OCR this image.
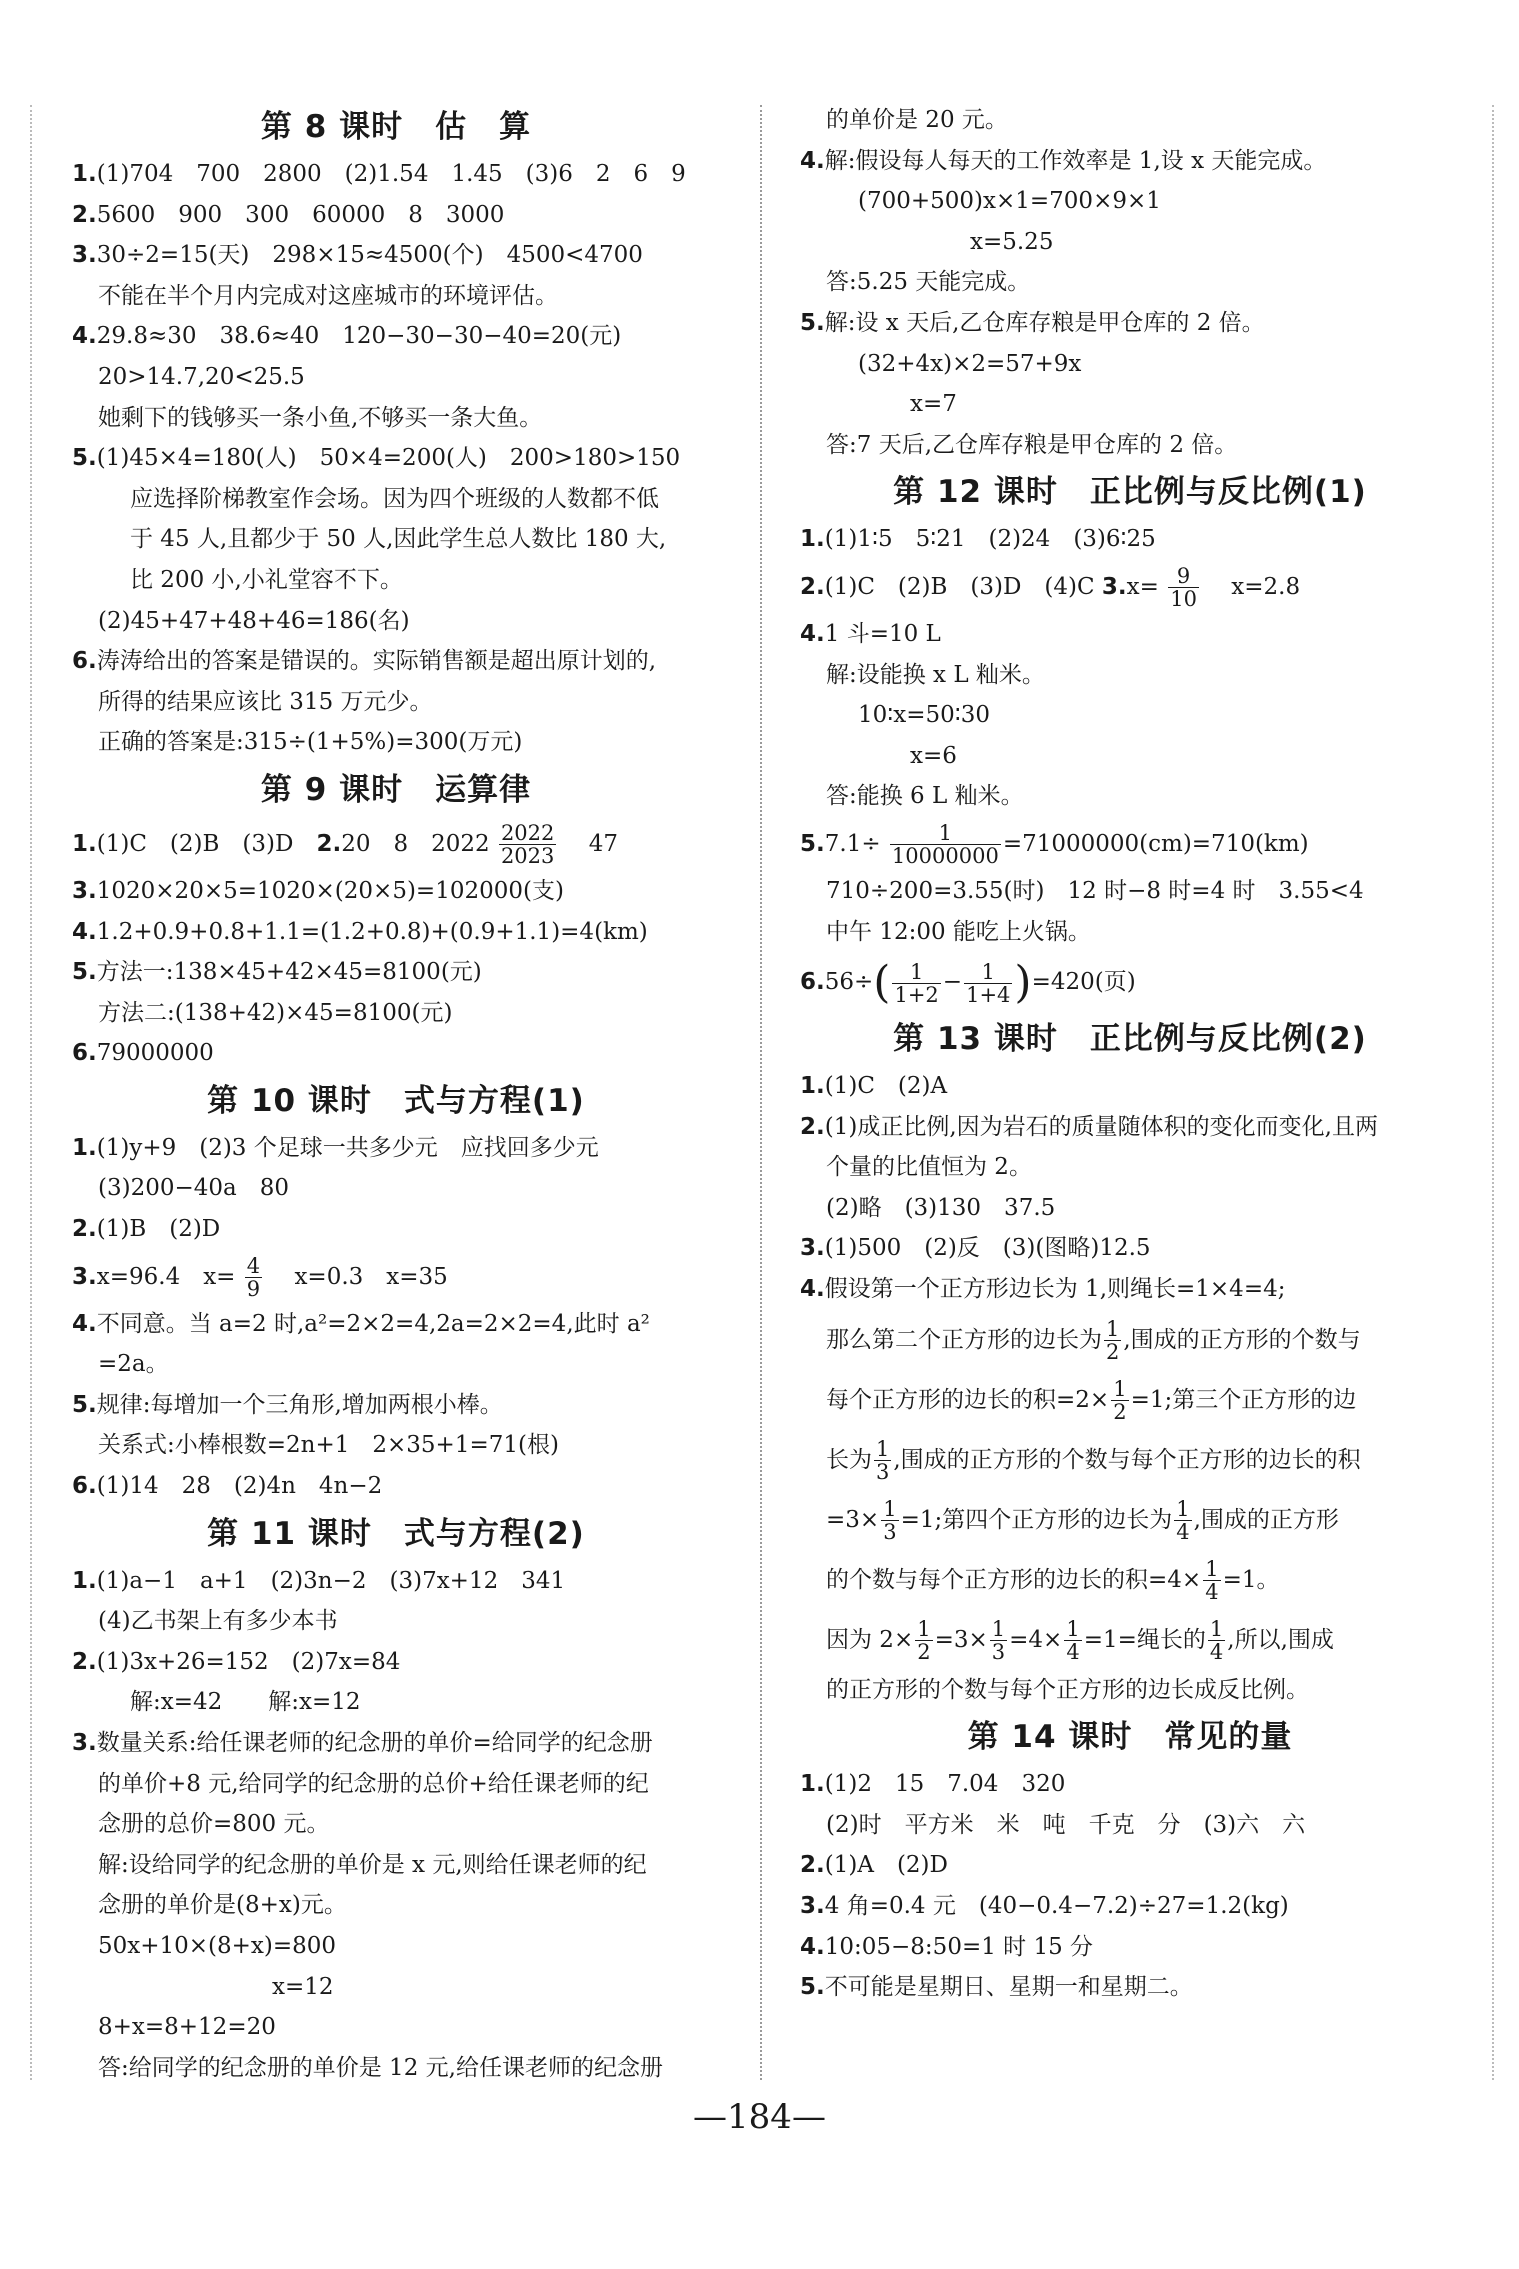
第 8 课时　估　算
1.(1)704　700　2800　(2)1.54　1.45　(3)6　2　6　9
2.5600　900　300　60000　8　3000
3.30÷2=15(天)　298×15≈4500(个)　4500<4700
不能在半个月内完成对这座城市的环境评估。
4.29.8≈30　38.6≈40　120−30−30−40=20(元)
20>14.7,20<25.5
她剩下的钱够买一条小鱼,不够买一条大鱼。
5.(1)45×4=180(人)　50×4=200(人)　200>180>150
应选择阶梯教室作会场。因为四个班级的人数都不低
于 45 人,且都少于 50 人,因此学生总人数比 180 大,
比 200 小,小礼堂容不下。
(2)45+47+48+46=186(名)
6.涛涛给出的答案是错误的。实际销售额是超出原计划的,
所得的结果应该比 315 万元少。
正确的答案是:315÷(1+5%)=300(万元)
第 9 课时　运算律
1.(1)C　(2)B　(3)D　 2.20　8　$2022 \frac{2022}{2023}$
　 47
3.1020×20×5=1020×(20×5)=102000(支)
4.1.2+0.9+0.8+1.1=(1.2+0.8)+(0.9+1.1)=4(km)
5.方法一:138×45+42×45=8100(元)
方法二:(138+42)×45=8100(元)
6.79000000
第 10 课时　式与方程(1)
1.(1)y+9　(2)3 个足球一共多少元　应找回多少元
(3)200−40a　80
2.(1)B　(2)D
3.x=96.4　$x= \frac{4}{9}$
　 x=0.3　x=35
4.不同意。当 a=2 时,a²=2×2=4,2a=2×2=4,此时 a²
=2a。
5.规律:每增加一个三角形,增加两根小棒。
关系式:小棒根数=2n+1　2×35+1=71(根)
6.(1)14　28　(2)4n　4n−2
第 11 课时　式与方程(2)
1.(1)a−1　a+1　(2)3n−2　(3)7x+12　341
(4)乙书架上有多少本书
2.(1)3x+26=152　(2)7x=84
解:x=42　　解:x=12
3.数量关系:给任课老师的纪念册的单价=给同学的纪念册
的单价+8 元,给同学的纪念册的总价+给任课老师的纪
念册的总价=800 元。
解:设给同学的纪念册的单价是 x 元,则给任课老师的纪
念册的单价是(8+x)元。
50x+10×(8+x)=800
x=12
8+x=8+12=20
答:给同学的纪念册的单价是 12 元,给任课老师的纪念册
的单价是 20 元。
4.解:假设每人每天的工作效率是 1,设 x 天能完成。
(700+500)x×1=700×9×1
x=5.25
答:5.25 天能完成。
5.解:设 x 天后,乙仓库存粮是甲仓库的 2 倍。
(32+4x)×2=57+9x
x=7
答:7 天后,乙仓库存粮是甲仓库的 2 倍。
第 12 课时　正比例与反比例(1)
1.(1)1∶5　5∶21　(2)24　(3)6∶25
2.(1)C　(2)B　(3)D　(4)C $3.x= \frac{9}{10}$
　 x=2.8
4.1 斗=10 L
解:设能换 x L 籼米。
10∶x=50∶30
x=6
答:能换 6 L 籼米。
$5.7.1\div \frac{1}{10000000} =71000000(cm)=710(km)$
710÷200=3.55(时)　12 时−8 时=4 时　3.55<4
中午 12:00 能吃上火锅。
$6.56\div( \frac{1}{1+2} - \frac{1}{1+4} )=420$(页)
第 13 课时　正比例与反比例(2)
1.(1)C　(2)A
2.(1)成正比例,因为岩石的质量随体积的变化而变化,且两
个量的比值恒为 2。
(2)略　(3)130　37.5
3.(1)500　(2)反　(3)(图略)12.5
4.假设第一个正方形边长为 1,则绳长=1×4=4;
那么第二个正方形的边长为 $\frac{1}{2}$ ,围成的正方形的个数与
每个正方形的边长的积$=2\times \frac{1}{2} =1$;第三个正方形的边
长为 $\frac{1}{3}$ ,围成的正方形的个数与每个正方形的边长的积
$=3\times \frac{1}{3} =1$;第四个正方形的边长为 $\frac{1}{4}$ ,围成的正方形
的个数与每个正方形的边长的积$=4\times \frac{1}{4} =1$。
因为 $2\times \frac{1}{2} =3\times \frac{1}{3} =4\times \frac{1}{4} =1=$绳长的 $\frac{1}{4}$ ,所以,围成
的正方形的个数与每个正方形的边长成反比例。
第 14 课时　常见的量
1.(1)2　15　7.04　320
(2)时　平方米　米　吨　千克　分　(3)六　六
2.(1)A　(2)D
3.4 角=0.4 元　(40−0.4−7.2)÷27=1.2(kg)
4.10:05−8:50=1 时 15 分
5.不可能是星期日、星期一和星期二。
—184—
